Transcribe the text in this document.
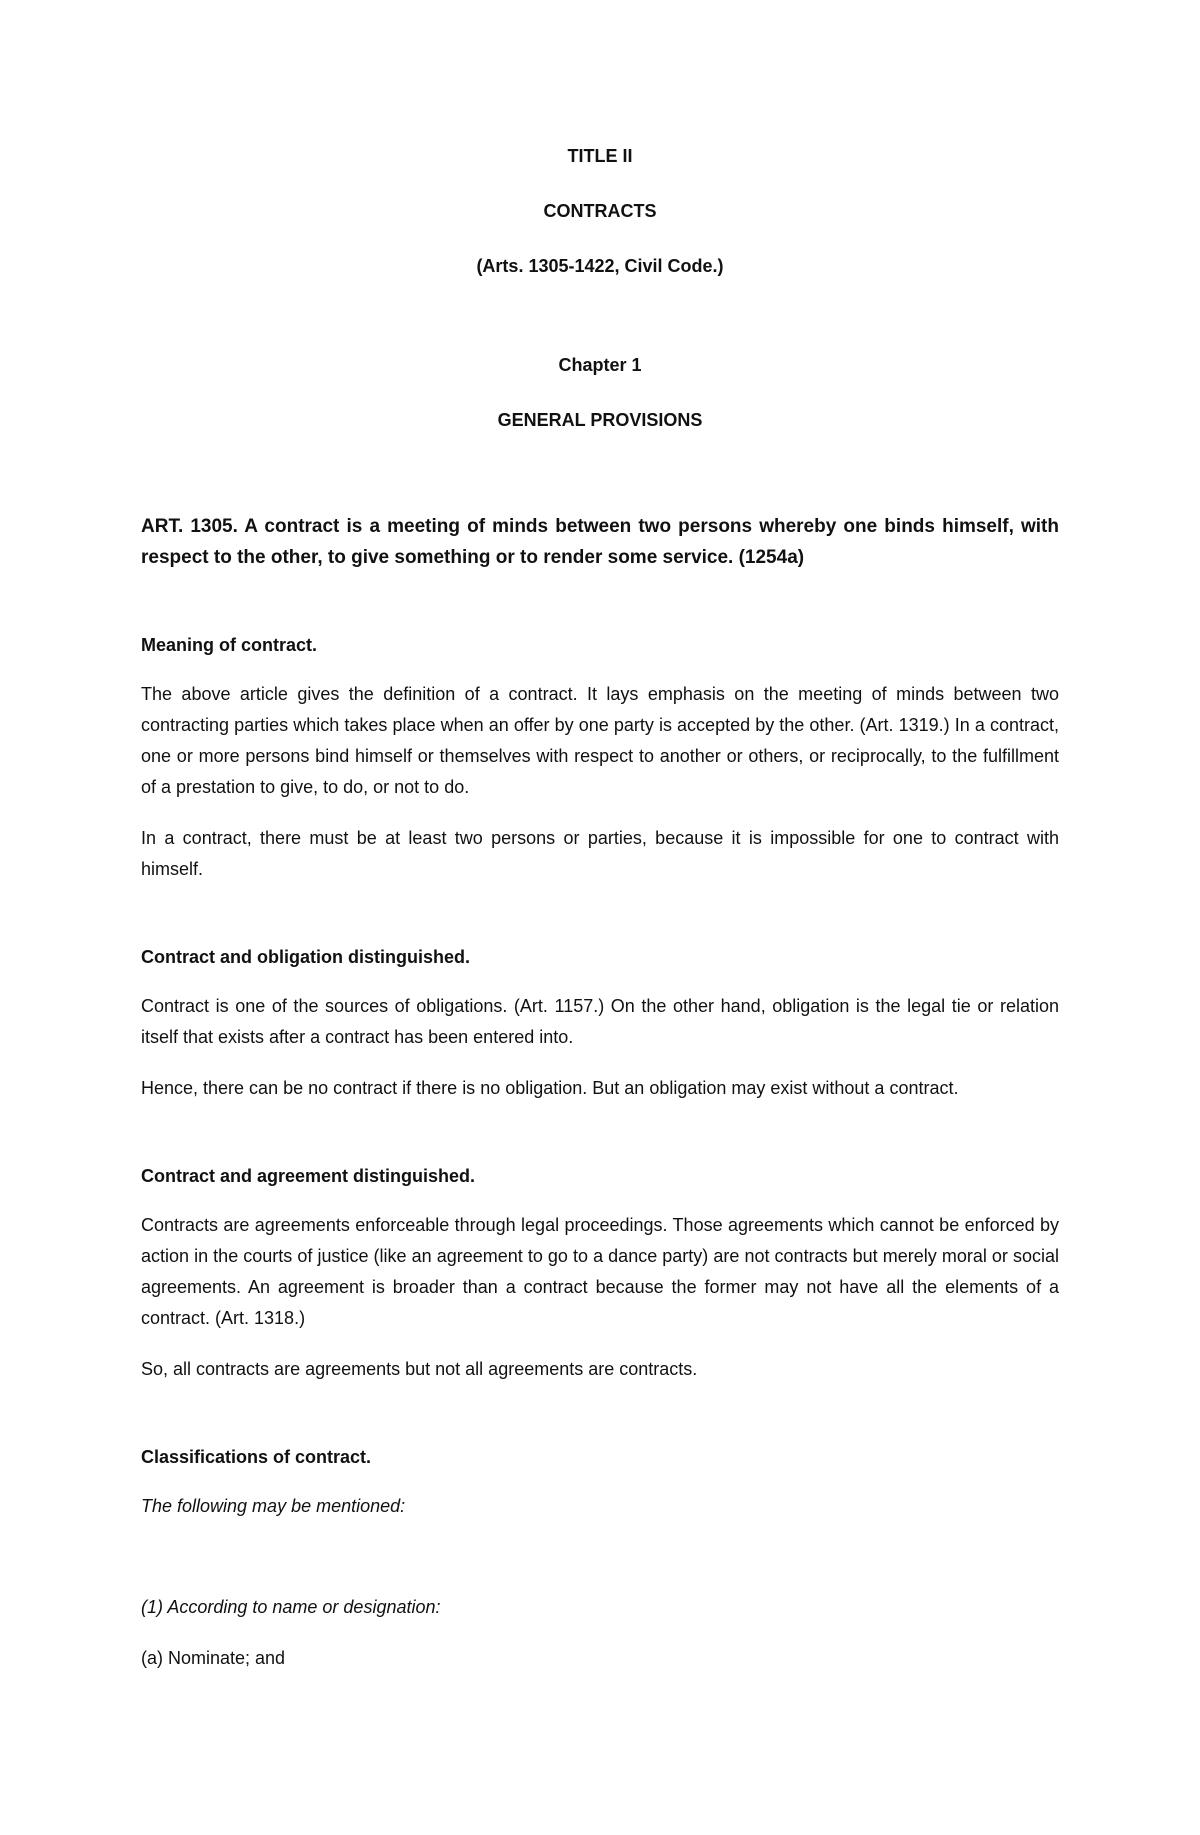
TITLE II

CONTRACTS

(Arts. 1305-1422, Civil Code.)

Chapter 1

GENERAL PROVISIONS

ART. 1305. A contract is a meeting of minds between two persons whereby one binds himself, with respect to the other, to give something or to render some service. (1254a)

Meaning of contract.

The above article gives the definition of a contract. It lays emphasis on the meeting of minds between two contracting parties which takes place when an offer by one party is accepted by the other. (Art. 1319.) In a contract, one or more persons bind himself or themselves with respect to another or others, or reciprocally, to the fulfillment of a prestation to give, to do, or not to do.

In a contract, there must be at least two persons or parties, because it is impossible for one to contract with himself.

Contract and obligation distinguished.

Contract is one of the sources of obligations. (Art. 1157.) On the other hand, obligation is the legal tie or relation itself that exists after a contract has been entered into.

Hence, there can be no contract if there is no obligation. But an obligation may exist without a contract.

Contract and agreement distinguished.

Contracts are agreements enforceable through legal proceedings. Those agreements which cannot be enforced by action in the courts of justice (like an agreement to go to a dance party) are not contracts but merely moral or social agreements. An agreement is broader than a contract because the former may not have all the elements of a contract. (Art. 1318.)

So, all contracts are agreements but not all agreements are contracts.

Classifications of contract.

The following may be mentioned:

(1) According to name or designation:

(a) Nominate; and
